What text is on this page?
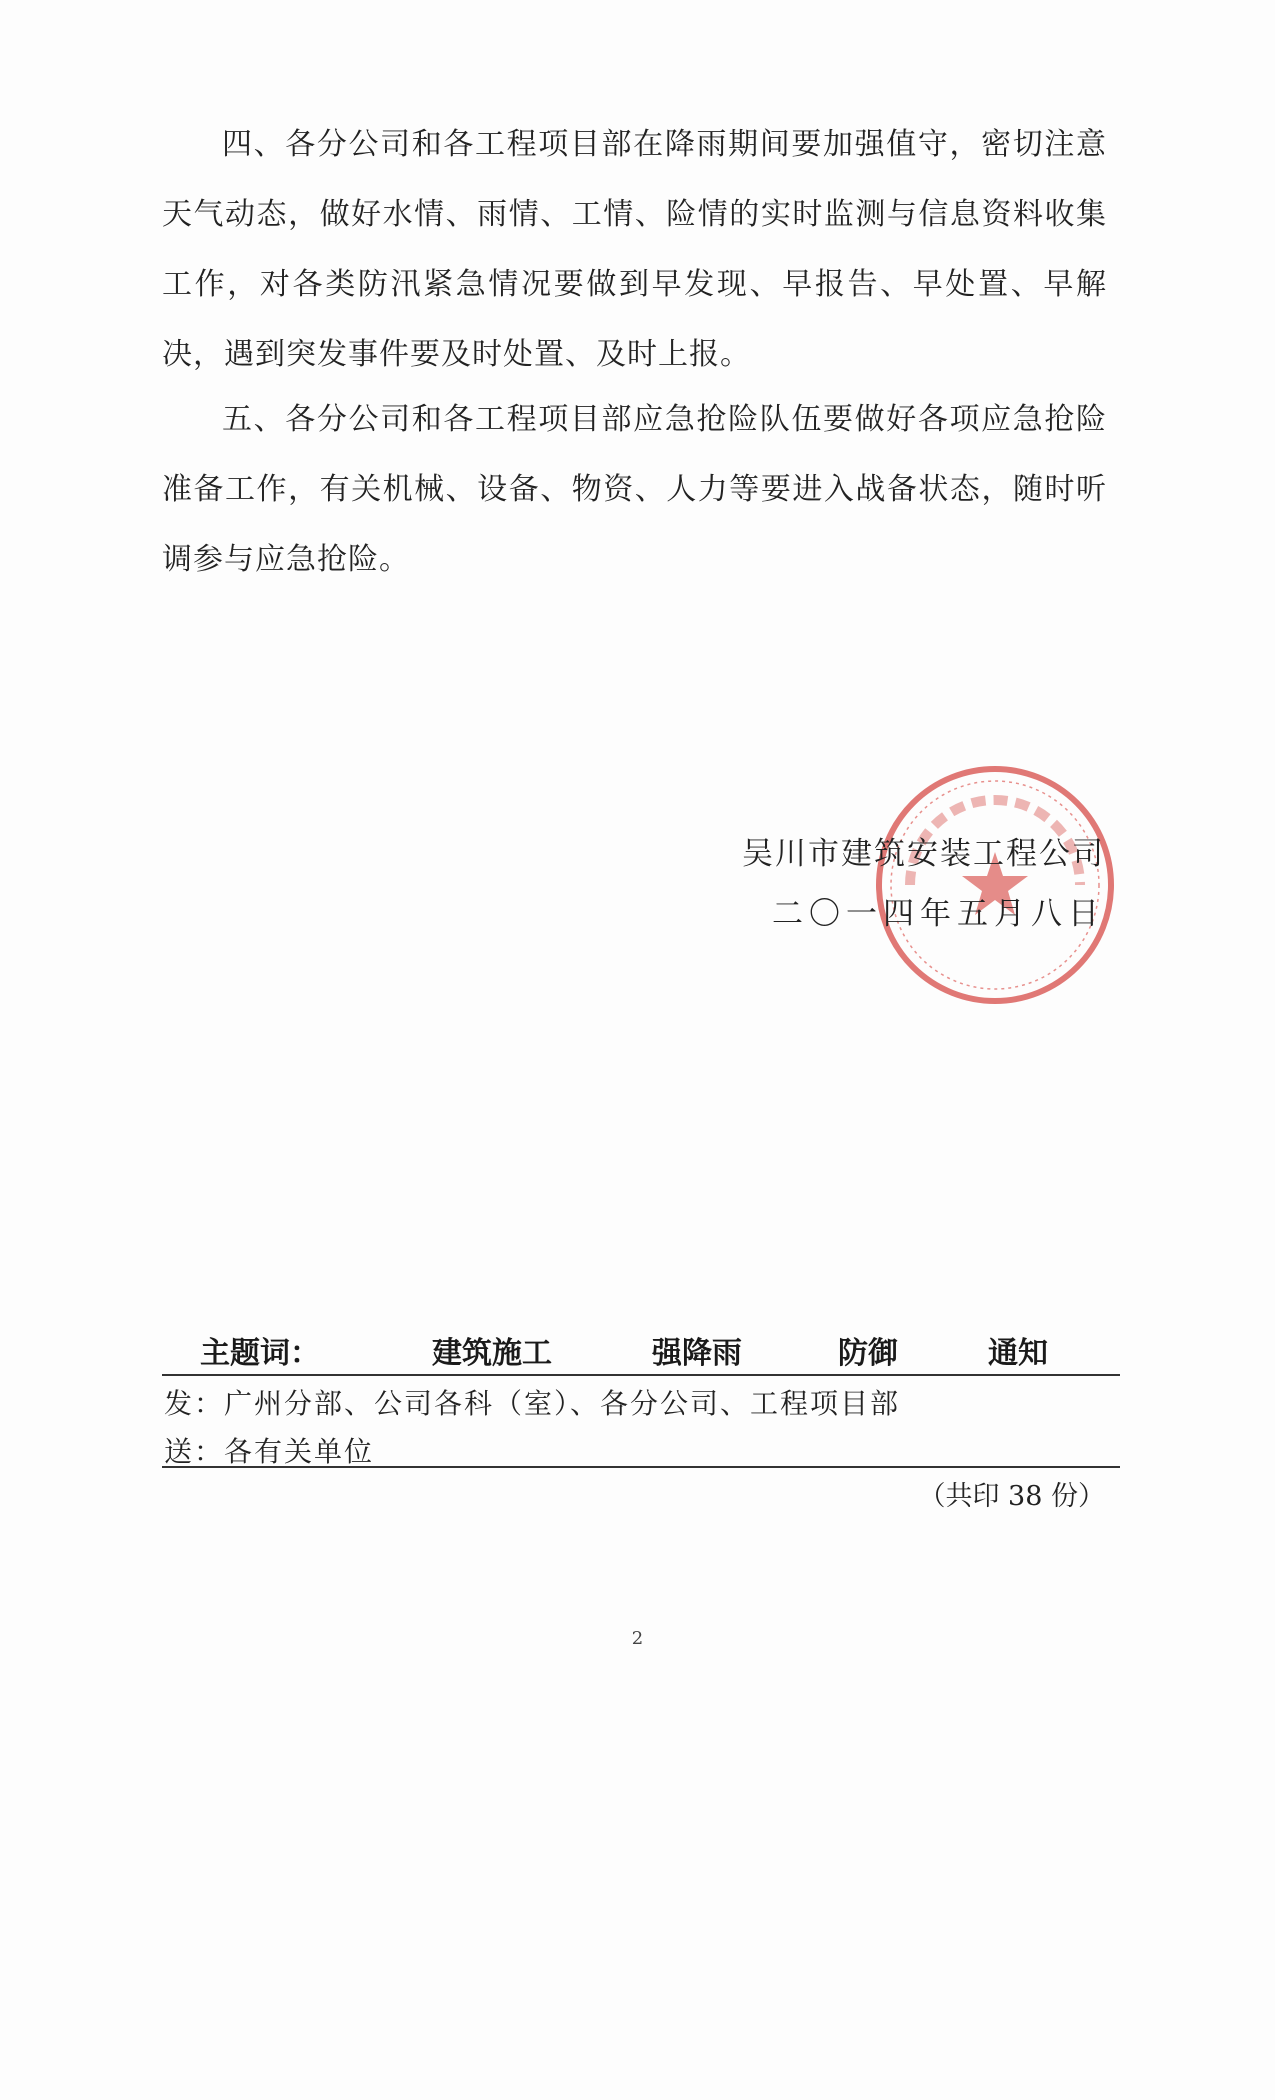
四、各分公司和各工程项目部在降雨期间要加强值守，密切注意天气动态，做好水情、雨情、工情、险情的实时监测与信息资料收集工作，对各类防汛紧急情况要做到早发现、早报告、早处置、早解决，遇到突发事件要及时处置、及时上报。

五、各分公司和各工程项目部应急抢险队伍要做好各项应急抢险准备工作，有关机械、设备、物资、人力等要进入战备状态，随时听调参与应急抢险。

吴川市建筑安装工程公司
二〇一四年五月八日
主题词：	建筑施工	强降雨	防御	通知
发：广州分部、公司各科（室）、各分公司、工程项目部
送：各有关单位
（共印 38 份）
2
